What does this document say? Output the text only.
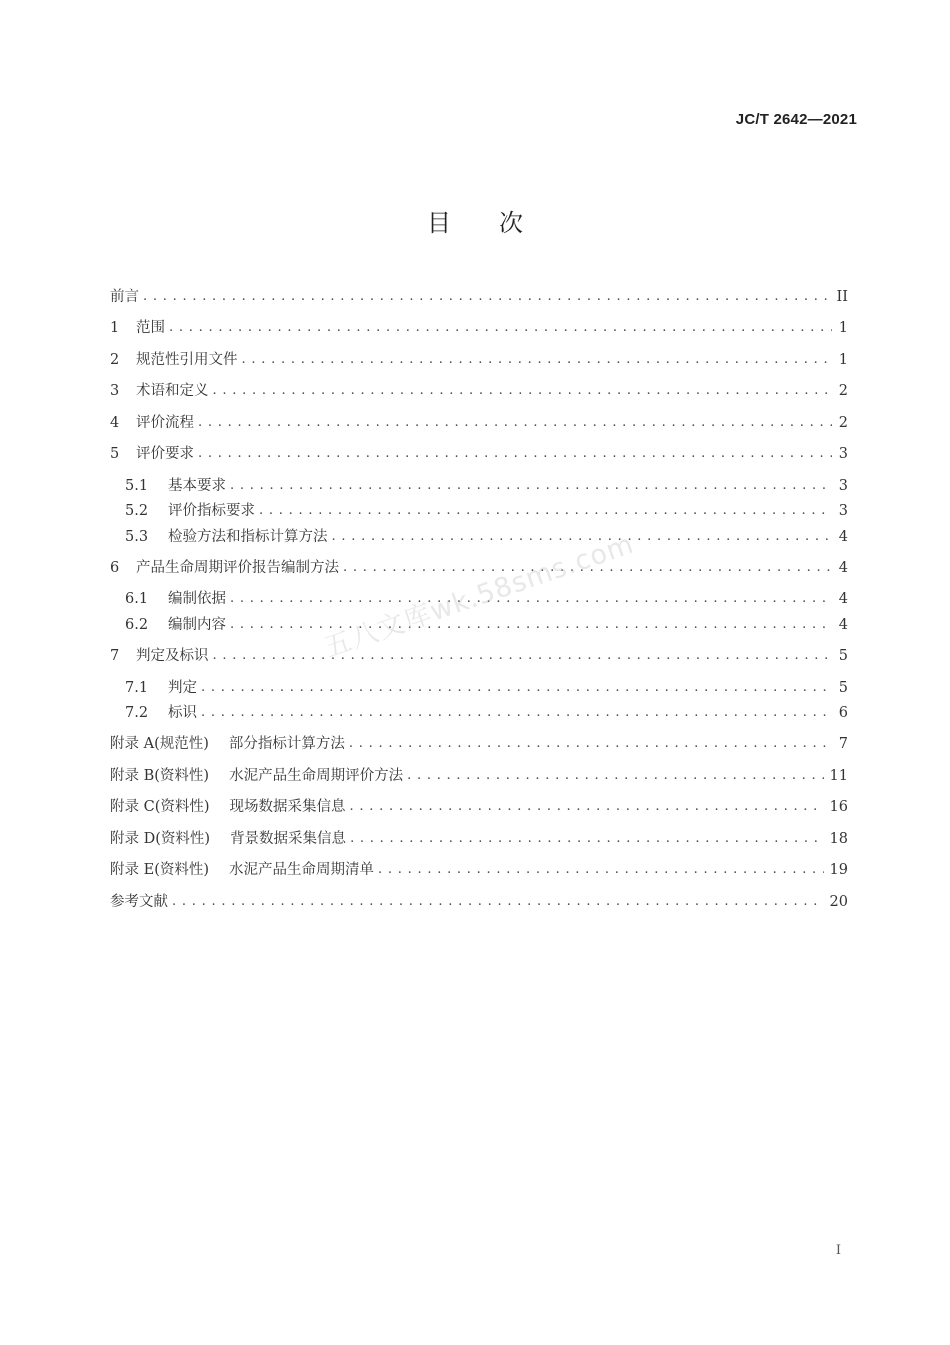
JC/T 2642—2021
目 次
前言 . . .	II
1	范围 . . .	1
2	规范性引用文件 . . .	1
3	术语和定义 . . .	2
4	评价流程 . . .	2
5	评价要求 . . .	3
5.1	基本要求 . . .	3
5.2	评价指标要求 . . .	3
5.3	检验方法和指标计算方法 . . .	4
6	产品生命周期评价报告编制方法 . . .	4
6.1	编制依据 . . .	4
6.2	编制内容 . . .	4
7	判定及标识 . . .	5
7.1	判定 . . .	5
7.2	标识 . . .	6
附录 A(规范性) 部分指标计算方法 . . .	7
附录 B(资料性) 水泥产品生命周期评价方法 . . .	11
附录 C(资料性) 现场数据采集信息 . . .	16
附录 D(资料性) 背景数据采集信息 . . .	18
附录 E(资料性) 水泥产品生命周期清单 . . .	19
参考文献 . . .	20
五八文库wk.58sms.com
I
